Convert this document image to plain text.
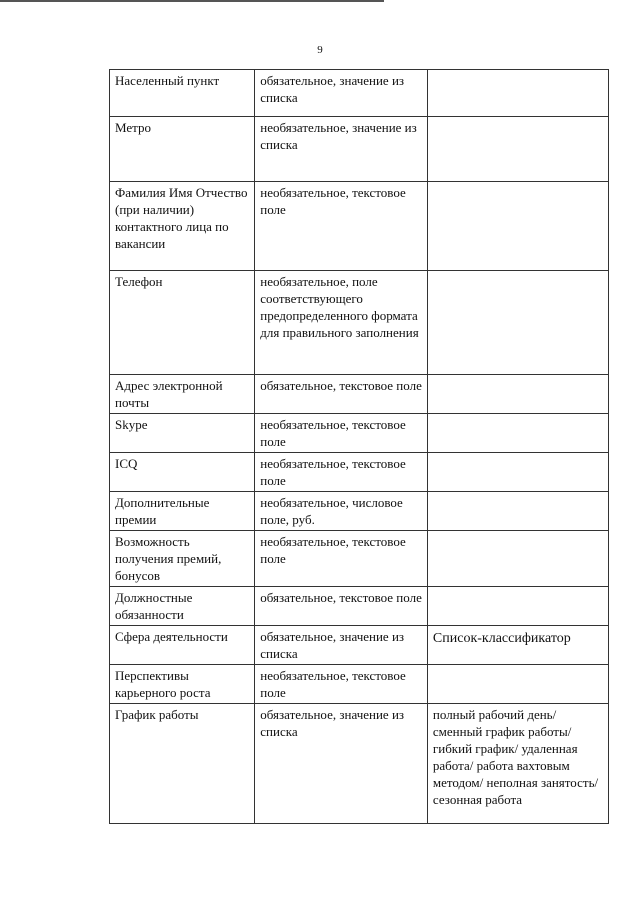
9
Населенный пункт	обязательное, значение из списка	
Метро	необязательное, значение из списка	
Фамилия Имя Отчество (при наличии) контактного лица по вакансии	необязательное, текстовое поле	
Телефон	необязательное, поле соответствующего предопределенного формата для правильного заполнения	
Адрес электронной почты	обязательное, текстовое поле	
Skype	необязательное, текстовое поле	
ICQ	необязательное, текстовое поле	
Дополнительные премии	необязательное, числовое поле, руб.	
Возможность получения премий, бонусов	необязательное, текстовое поле	
Должностные обязанности	обязательное, текстовое поле	
Сфера деятельности	обязательное, значение из списка	Список-классификатор
Перспективы карьерного роста	необязательное, текстовое поле	
График работы	обязательное, значение из списка	полный рабочий день/ сменный график работы/ гибкий график/ удаленная работа/ работа вахтовым методом/ неполная занятость/ сезонная работа
